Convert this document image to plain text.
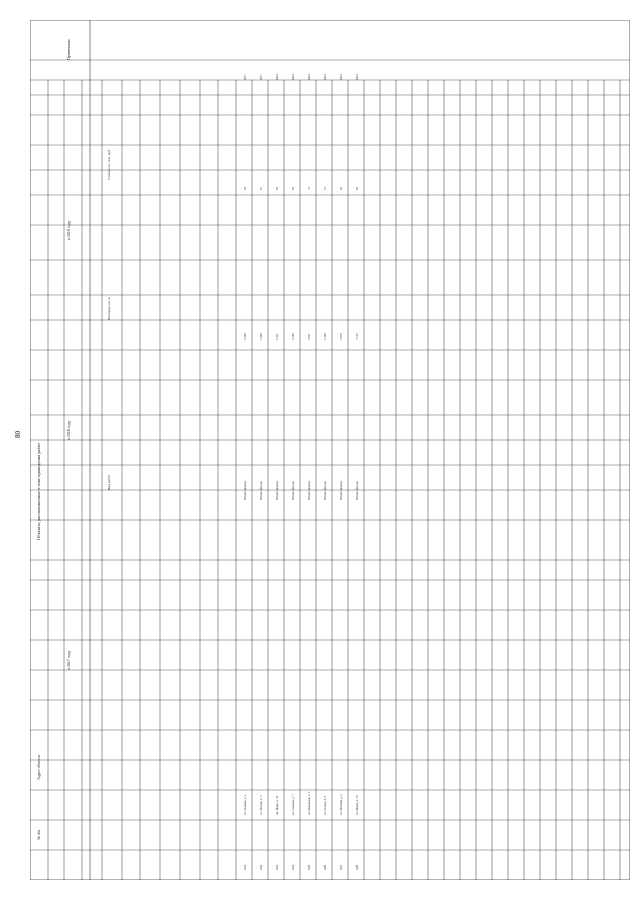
80
№ п/п
Адрес объекта
в 2017 году
в 2018 году
в 2019 году
Объекты, расположенные в зоне проведения работ	Вид работ
Площадь, кв. м
Стоимость, тыс. руб.
Примечание
101
ул. Зеленая, д. 1
Ремонт кровли
3 202
24
2017
102
ул. Лесная, д. 3
Ремонт фасада
1 858
15
2017
103
пр. Мира, д. 12
Ремонт кровли
2 411
19
2018
104
ул. Садовая, д. 7
Ремонт фасада
2 196
18
2018
105
ул. Школьная, д. 5
Ремонт кровли
4 027
31
2018
106
ул. Речная, д. 9
Ремонт фасада
1 540
12
2019
107
ул. Полевая, д. 2
Ремонт кровли
2 870
22
2019
108
ул. Новая, д. 14
Ремонт фасада
3 115
25
2019
